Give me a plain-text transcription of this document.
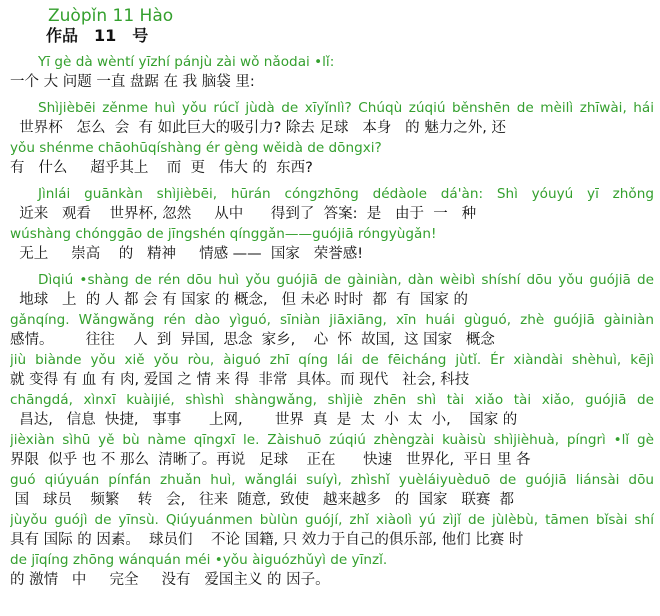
Zuòpǐn 11 Hào
作品　11　号
Yī gè dà wèntí yīzhí pánjù zài wǒ nǎodai •lǐ:
一个 大 问题 一直 盘踞 在 我 脑袋 里:
Shìjièbēi zěnme huì yǒu rúcǐ jùdà de xīyǐnlì? Chúqù zúqiú běnshēn de mèilì zhīwài, hái
世界杯   怎么  会  有 如此巨大的吸引力? 除去 足球   本身   的 魅力之外, 还
yǒu shénme chāohūqíshàng ér gèng wěidà de dōngxi?
有   什么     超乎其上    而  更   伟大 的  东西?
Jìnlái guānkàn shìjièbēi, hūrán cóngzhōng dédàole dá'àn: Shì yóuyú yī zhǒng
近来   观看    世界杯, 忽然     从中      得到了  答案:  是   由于  一   种
wúshàng chónggāo de jīngshén qínggǎn——guójiā róngyùgǎn!
无上     崇高    的   精神     情感 ——  国家   荣誉感!
Dìqiú •shàng de rén dōu huì yǒu guójiā de gàiniàn, dàn wèibì shíshí dōu yǒu guójiā de
地球   上  的 人 都 会 有 国家 的 概念,   但 未必 时时  都  有  国家 的
gǎnqíng. Wǎngwǎng rén dào yìguó, sīniàn jiāxiāng, xīn huái gùguó, zhè guójiā gàiniàn
感情。       往往    人  到  异国,  思念  家乡,    心  怀  故国,  这 国家   概念
jiù biànde yǒu xiě yǒu ròu, àiguó zhī qíng lái de fēicháng jùtǐ. Ér xiàndài shèhuì, kējì
就 变得 有 血 有 肉, 爱国 之 情 来 得  非常  具体。而 现代   社会, 科技
chāngdá, xìnxī kuàijié, shìshì shàngwǎng, shìjiè zhēn shì tài xiǎo tài xiǎo, guójiā de
昌达,   信息  快捷,   事事      上网,       世界  真  是  太  小  太  小,    国家 的
jièxiàn sìhū yě bù nàme qīngxī le. Zàishuō zúqiú zhèngzài kuàisù shìjièhuà, píngrì •lǐ gè
界限  似乎 也 不 那么  清晰了。再说   足球    正在      快速   世界化,  平日 里 各
guó qiúyuán pínfán zhuǎn huì, wǎnglái suíyì, zhìshǐ yuèláiyuèduō de guójiā liánsài dōu
国   球员    频繁    转   会,   往来  随意,  致使   越来越多   的  国家   联赛  都
jùyǒu guójì de yīnsù. Qiúyuánmen bùlùn guójí, zhǐ xiàolì yú zìjǐ de jùlèbù, tāmen bǐsài shí
具有 国际 的 因素。  球员们    不论 国籍, 只 效力于自己的俱乐部, 他们 比赛 时
de jīqíng zhōng wánquán méi •yǒu àiguózhǔyì de yīnzǐ.
的 激情   中     完全     没有   爱国主义 的 因子。
